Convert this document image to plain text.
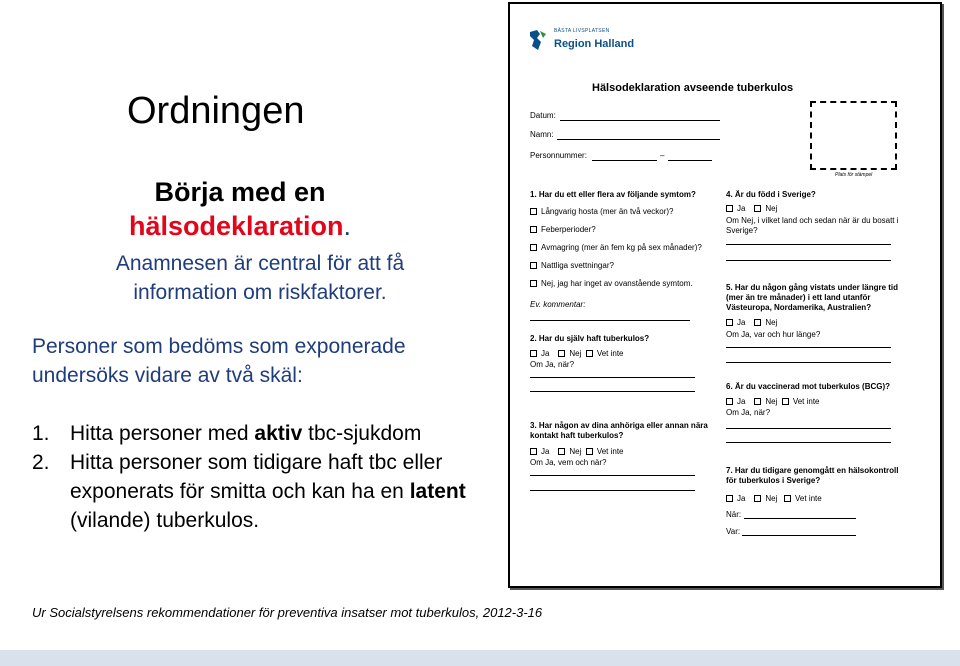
Ordningen
Börja med en
hälsodeklaration.
Anamnesen är central för att få
information om riskfaktorer.
Personer som bedöms som exponerade
undersöks vidare av två skäl:
1. Hitta personer med aktiv tbc-sjukdom
2. Hitta personer som tidigare haft tbc eller exponerats för smitta och kan ha en latent (vilande) tuberkulos.
Ur Socialstyrelsens rekommendationer för preventiva insatser mot tuberkulos, 2012-3-16
BÄSTA LIVSPLATSEN
Region Halland
Hälsodeklaration avseende tuberkulos
Datum:
Namn:
Personnummer:	–
Plats för stämpel
1. Har du ett eller flera av följande symtom?
Långvarig hosta (mer än två veckor)?
Feberperioder?
Avmagring (mer än fem kg på sex månader)?
Nattliga svettningar?
Nej, jag har inget av ovanstående symtom.
Ev. kommentar:
2. Har du själv haft tuberkulos?
Ja Nej Vet inte
Om Ja, när?
3. Har någon av dina anhöriga eller annan nära
kontakt haft tuberkulos?
Ja Nej Vet inte
Om Ja, vem och när?
4. Är du född i Sverige?
Ja Nej
Om Nej, i vilket land och sedan när är du bosatt i
Sverige?
5. Har du någon gång vistats under längre tid
(mer än tre månader) i ett land utanför
Västeuropa, Nordamerika, Australien?
Ja Nej
Om Ja, var och hur länge?
6. Är du vaccinerad mot tuberkulos (BCG)?
Ja Nej Vet inte
Om Ja, när?
7. Har du tidigare genomgått en hälsokontroll
för tuberkulos i Sverige?
Ja Nej Vet inte
När:
Var:
